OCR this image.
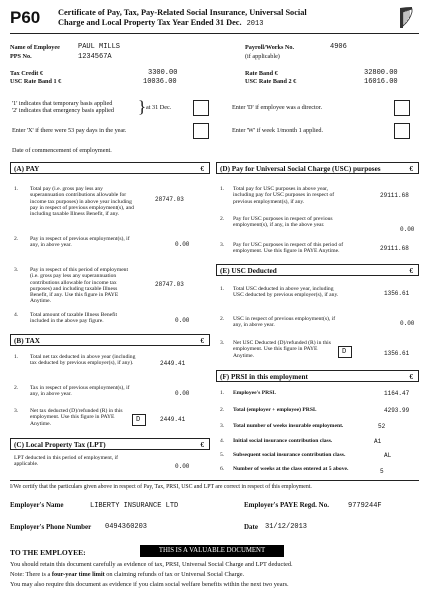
P60 Certificate of Pay, Tax, Pay-Related Social Insurance, Universal Social
Charge and Local Property Tax Year Ended 31 Dec. 2013
Name of Employee	PAUL MILLS
PPS No.	1234567A
Payroll/Works No.
(if applicable)
4906
Tax Credit €	3300.00
USC Rate Band 1 €	10036.00
Rate Band €	32800.00
USC Rate Band 2 €	16016.00
'1' indicates that temporary basis applied
'2' indicates that emergency basis applied } at 31 Dec.	Enter 'D' if employee was a director.
Enter 'X' if there were 53 pay days in the year.	Enter 'W' if week 1/month 1 applied.
Date of commencement of employment.
(A) PAY	€
1. Total pay (i.e. gross pay less any superannuation contributions allowable for income tax purposes) in above year including pay in respect of previous employment(s), and including taxable Illness Benefit, if any.
28747.03
2. Pay in respect of previous employment(s), if any, in above year.	0.00
3. Pay in respect of this period of employment (i.e. gross pay less any superannuation contributions allowable for income tax purposes) and including taxable Illness Benefit, if any. Use this figure in PAYE Anytime.
28747.03
4. Total amount of taxable Illness Benefit included in the above pay figure.	0.00
(B) TAX	€
1. Total net tax deducted in above year (including tax deducted by previous employer(s), if any).	2449.41
2. Tax in respect of previous employment(s), if any, in above year.	0.00
3. Net tax deducted (D)/refunded (R) in this employment. Use this figure in PAYE Anytime.	D	2449.41
(C) Local Property Tax (LPT)	€
LPT deducted in this period of employment, if applicable.	0.00
(D) Pay for Universal Social Charge (USC) purposes	€
1. Total pay for USC purposes in above year, including pay for USC purposes in respect of previous employment(s), if any.
29111.68
2. Pay for USC purposes in respect of previous employment(s), if any, in the above year.
0.00
3. Pay for USC purposes in respect of this period of employment. Use this figure in PAYE Anytime.	29111.68
(E) USC Deducted	€
1. Total USC deducted in above year, including USC deducted by previous employer(s), if any.	1356.61
2. USC in respect of previous employment(s), if any, in above year.	0.00
3. Net USC Deducted (D)/refunded (R) in this employment. Use this figure in PAYE Anytime.	D	1356.61
(F) PRSI in this employment	€
1. Employee's PRSI.	1164.47
2. Total (employer + employee) PRSI.	4293.99
3. Total number of weeks insurable employment.	52
4. Initial social insurance contribution class.	A1
5. Subsequent social insurance contribution class.	AL
6. Number of weeks at the class entered at 5 above.	5
I/We certify that the particulars given above in respect of Pay, Tax, PRSI, USC and LPT are correct in respect of this employment.
Employer's Name	LIBERTY INSURANCE LTD	Employer's PAYE Regd. No.	9779244F
Employer's Phone Number 0494360203	Date 31/12/2013
TO THE EMPLOYEE:	THIS IS A VALUABLE DOCUMENT
You should retain this document carefully as evidence of tax, PRSI, Universal Social Charge and LPT deducted.
Note: There is a four-year time limit on claiming refunds of tax or Universal Social Charge.
You may also require this document as evidence if you claim social welfare benefits within the next two years.
